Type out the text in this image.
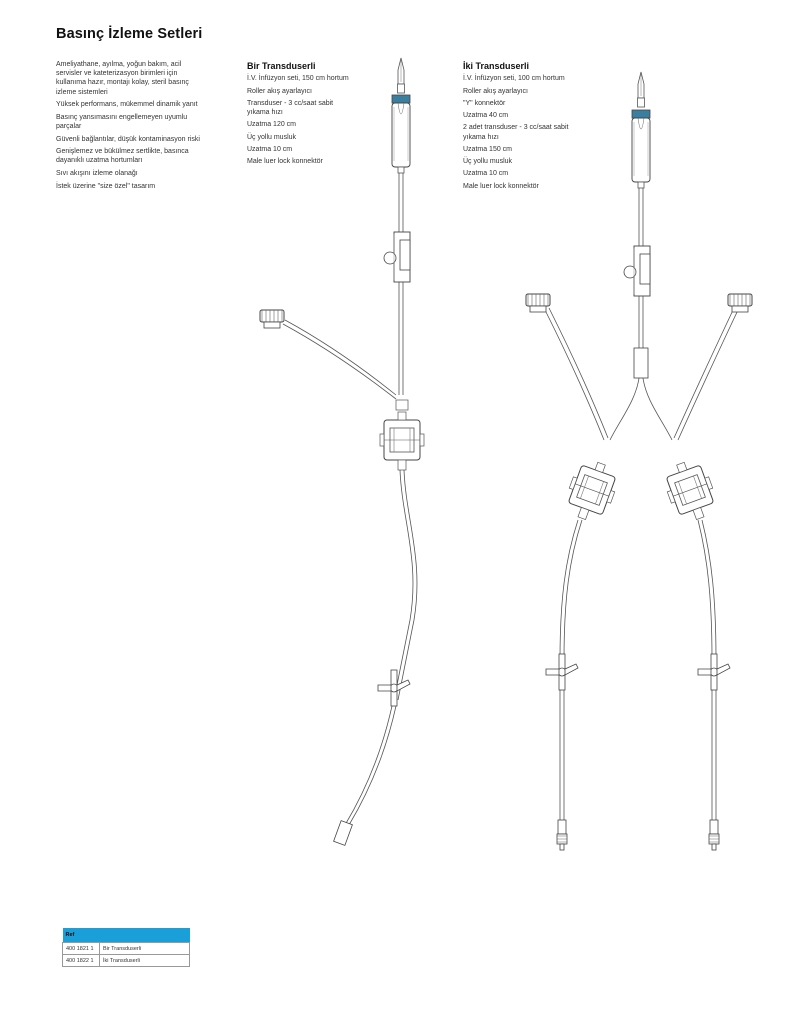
Basınç İzleme Setleri
Ameliyathane, ayılma, yoğun bakım, acil servisler ve kateterizasyon birimleri için kullanıma hazır, montajı kolay, steril basınç izleme sistemleri
Yüksek performans, mükemmel dinamik yanıt
Basınç yansımasını engellemeyen uyumlu parçalar
Güvenli bağlantılar, düşük kontaminasyon riski
Genişlemez ve bükülmez sertlikte, basınca dayanıklı uzatma hortumları
Sıvı akışını izleme olanağı
İstek üzerine "size özel" tasarım
Bir Transduserli
İ.V. İnfüzyon seti, 150 cm hortum
Roller akış ayarlayıcı
Transduser - 3 cc/saat sabit
yıkama hızı
Uzatma 120 cm
Üç yollu musluk
Uzatma 10 cm
Male luer lock konnektör
İki Transduserli
İ.V. İnfüzyon seti, 100 cm hortum
Roller akış ayarlayıcı
"Y" konnektör
Uzatma 40 cm
2 adet transduser - 3 cc/saat sabit
yıkama hızı
Uzatma 150 cm
Üç yollu musluk
Uzatma 10 cm
Male luer lock konnektör
Ref	
400 1821 1	Bir Transduserli
400 1822 1	İki Transduserli
